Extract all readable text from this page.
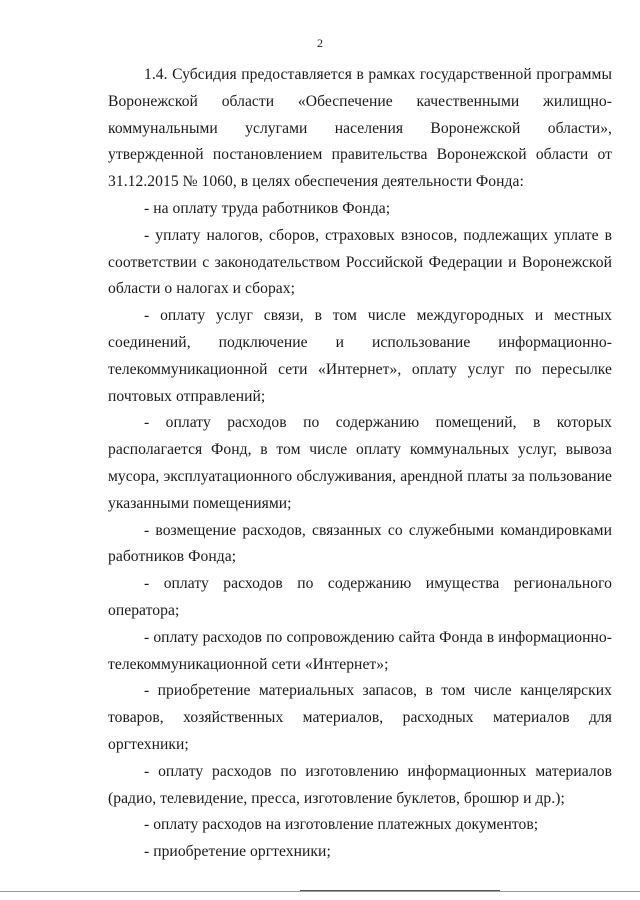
2

1.4. Субсидия предоставляется в рамках государственной программы Воронежской области «Обеспечение качественными жилищно-коммунальными услугами населения Воронежской области», утвержденной постановлением правительства Воронежской области от 31.12.2015 № 1060, в целях обеспечения деятельности Фонда:

- на оплату труда работников Фонда;

- уплату налогов, сборов, страховых взносов, подлежащих уплате в соответствии с законодательством Российской Федерации и Воронежской области о налогах и сборах;

- оплату услуг связи, в том числе междугородных и местных соединений, подключение и использование информационно-телекоммуникационной сети «Интернет», оплату услуг по пересылке почтовых отправлений;

- оплату расходов по содержанию помещений, в которых располагается Фонд, в том числе оплату коммунальных услуг, вывоза мусора, эксплуатационного обслуживания, арендной платы за пользование указанными помещениями;

- возмещение расходов, связанных со служебными командировками работников Фонда;

- оплату расходов по содержанию имущества регионального оператора;

- оплату расходов по сопровождению сайта Фонда в информационно-телекоммуникационной сети «Интернет»;

- приобретение материальных запасов, в том числе канцелярских товаров, хозяйственных материалов, расходных материалов для оргтехники;

- оплату расходов по изготовлению информационных материалов (радио, телевидение, пресса, изготовление буклетов, брошюр и др.);

- оплату расходов на изготовление платежных документов;

- приобретение оргтехники;
